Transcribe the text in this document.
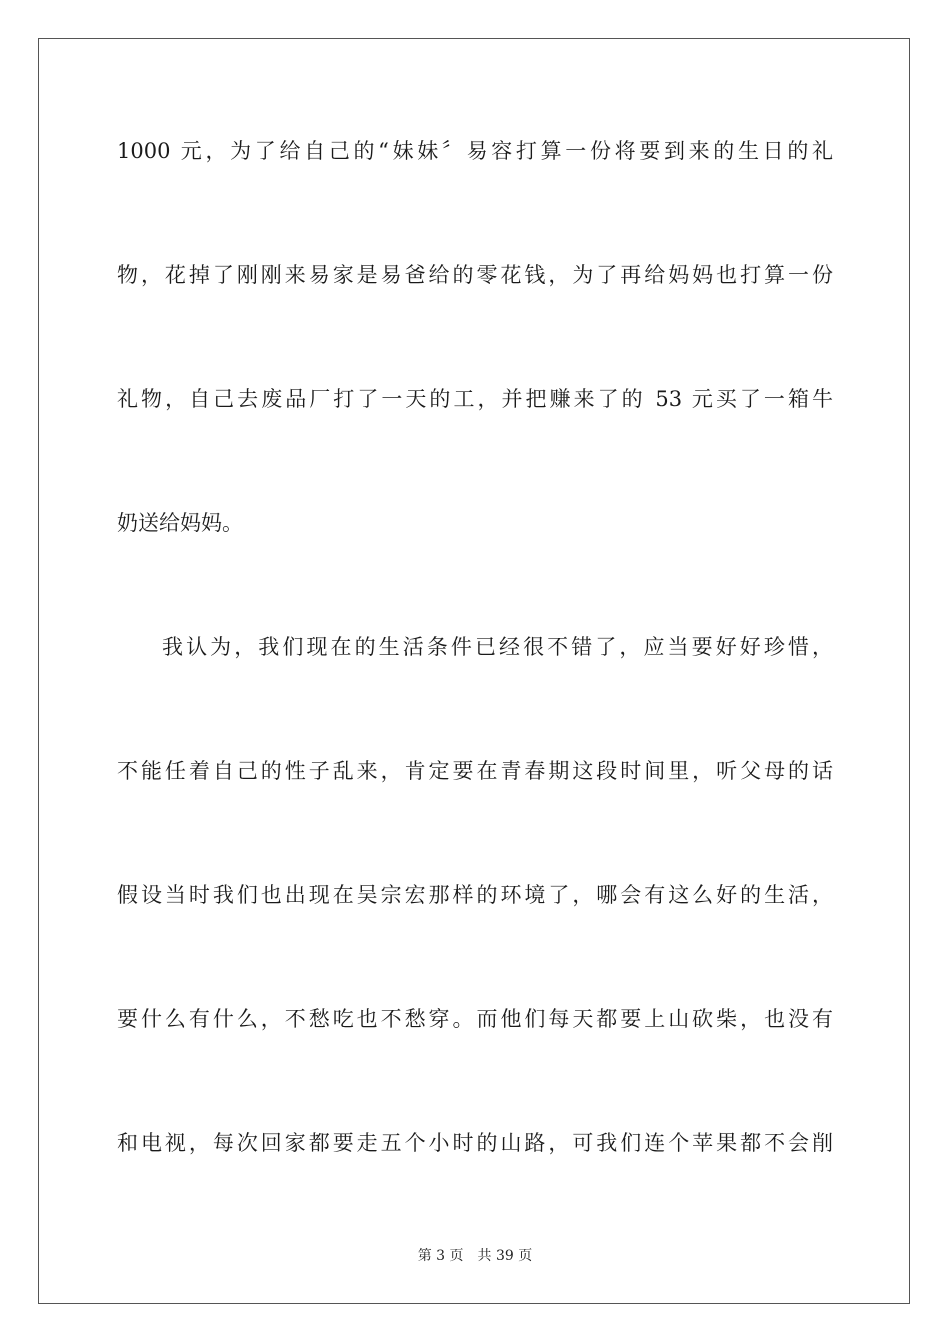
1000 元，为了给自己的“妹妹〞易容打算一份将要到来的生日的礼
物，花掉了刚刚来易家是易爸给的零花钱，为了再给妈妈也打算一份
礼物，自己去废品厂打了一天的工，并把赚来了的 53 元买了一箱牛
奶送给妈妈。
我认为，我们现在的生活条件已经很不错了，应当要好好珍惜，
不能任着自己的性子乱来，肯定要在青春期这段时间里，听父母的话
假设当时我们也出现在吴宗宏那样的环境了，哪会有这么好的生活，
要什么有什么，不愁吃也不愁穿。而他们每天都要上山砍柴，也没有
和电视，每次回家都要走五个小时的山路，可我们连个苹果都不会削
第 3 页 共 39 页
